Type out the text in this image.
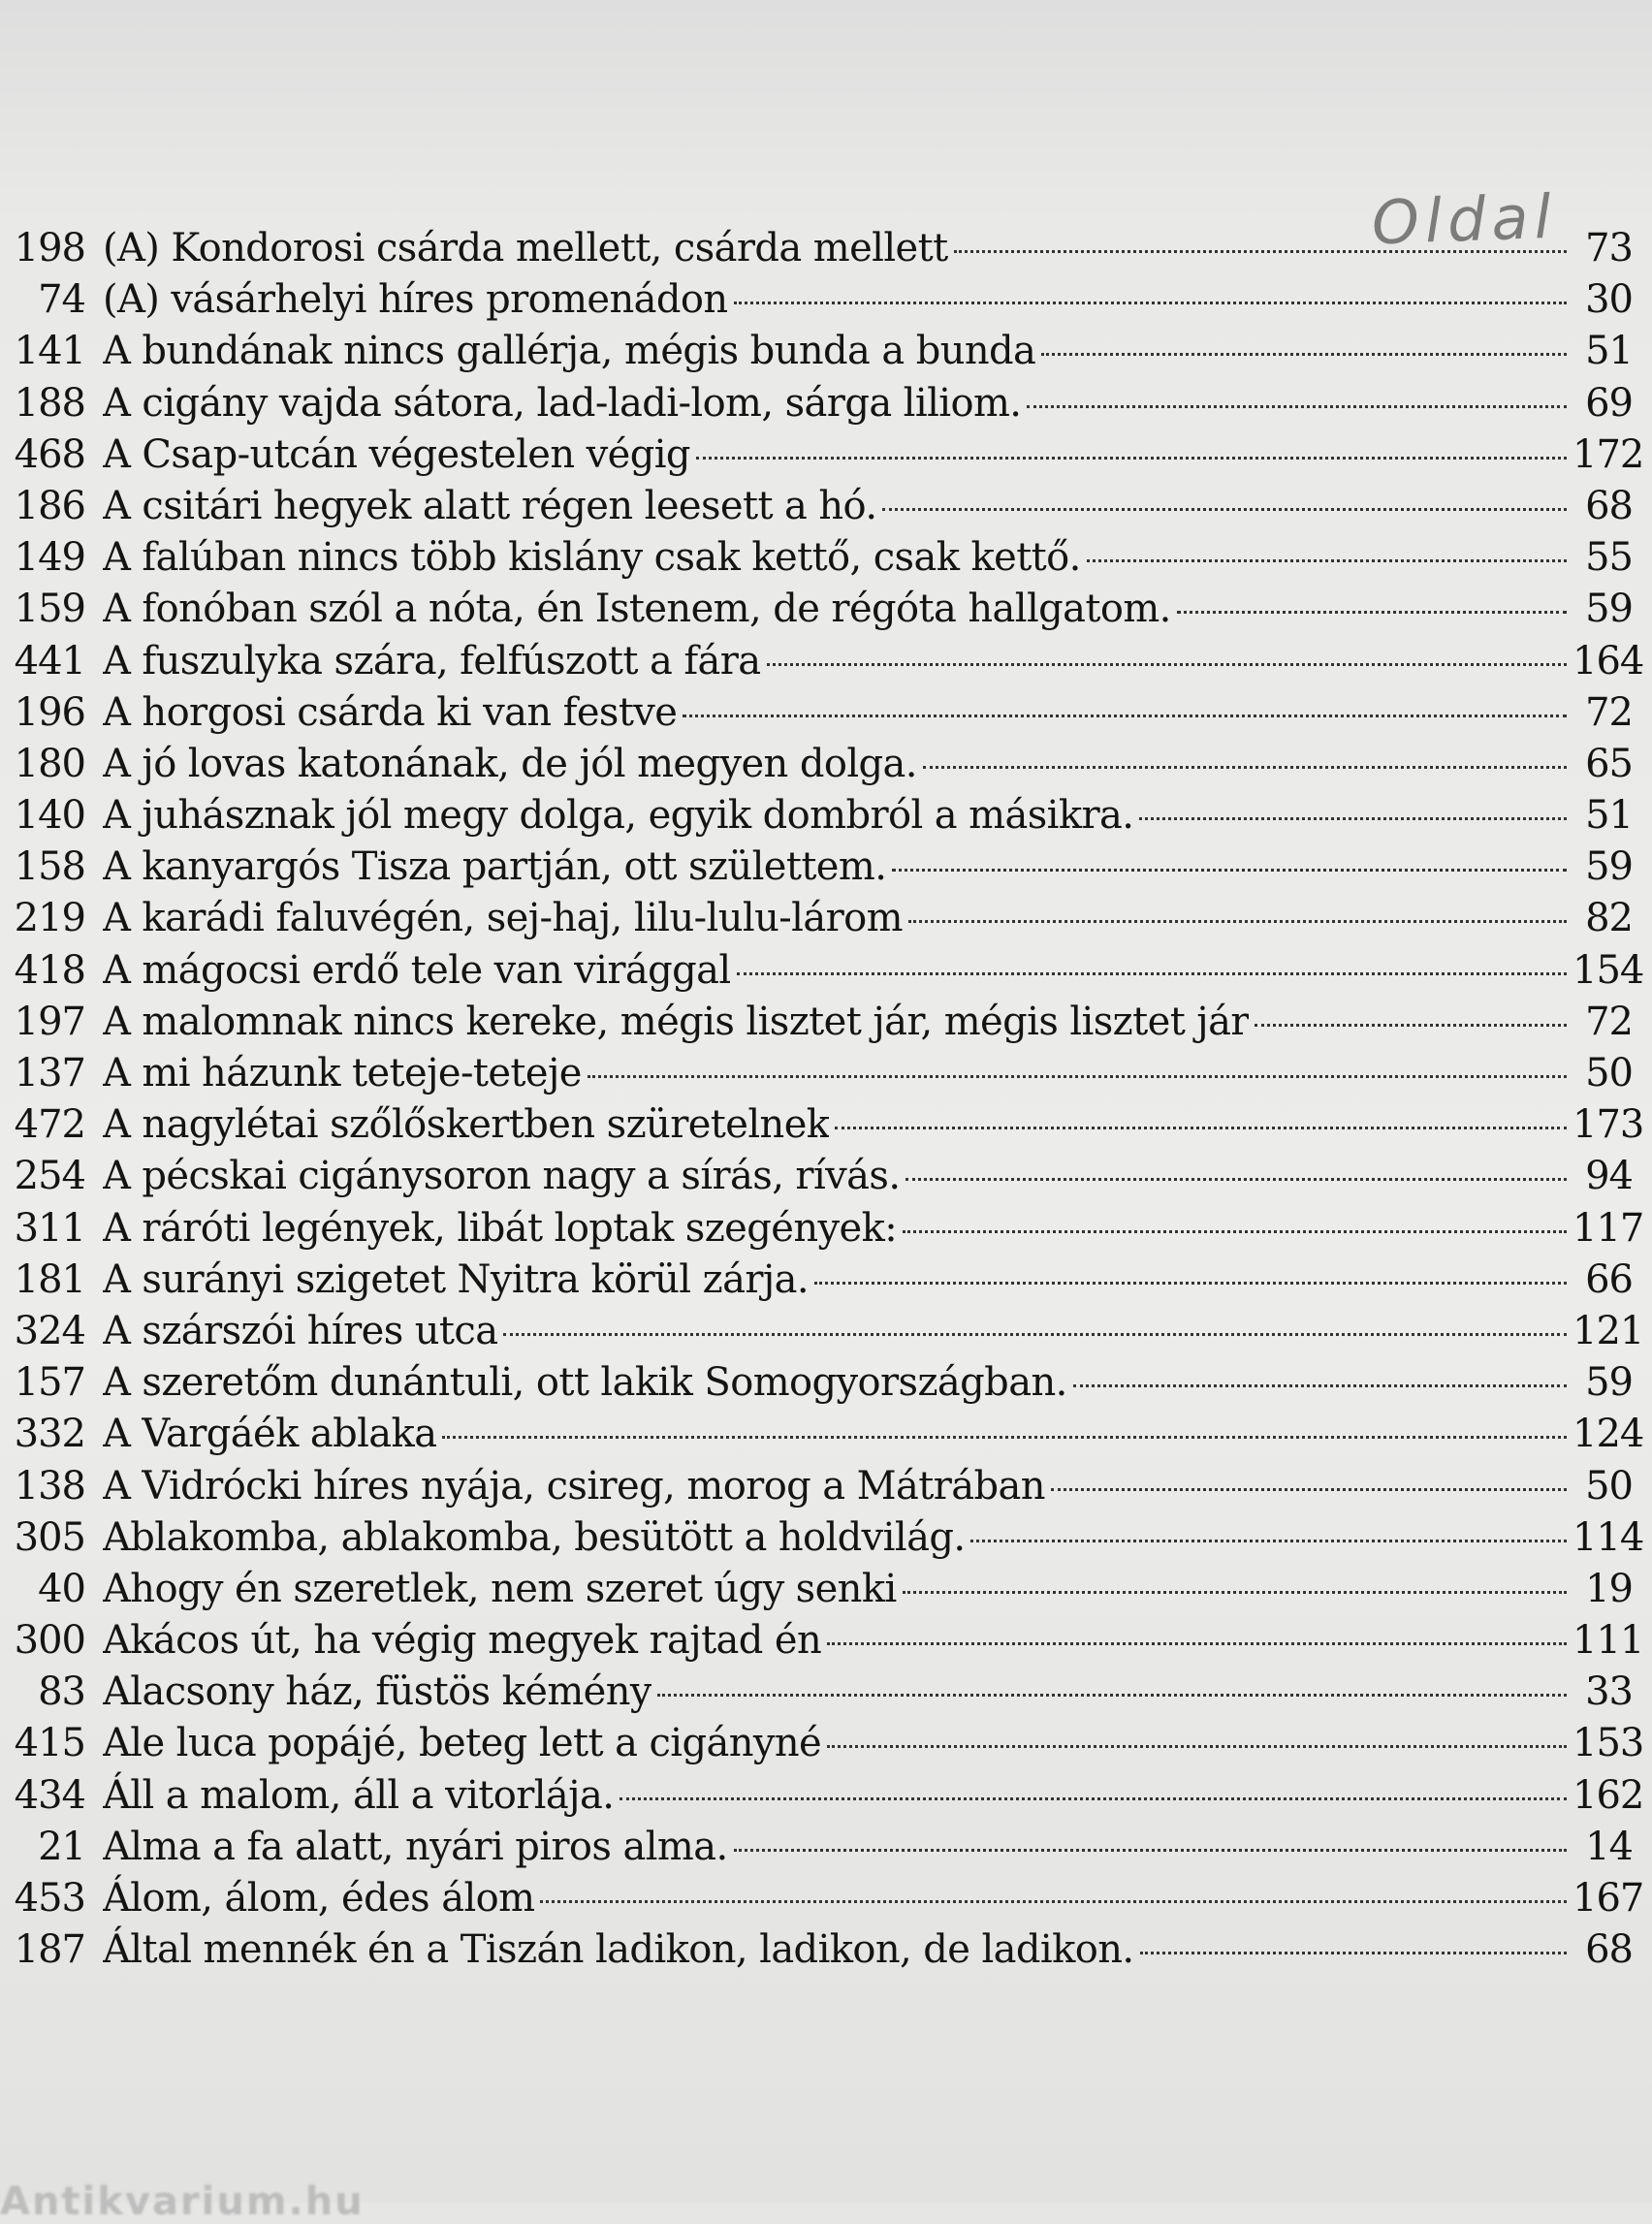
Oldal
198 (A) Kondorosi csárda mellett, csárda mellett	73
74 (A) vásárhelyi híres promenádon	30
141 A bundának nincs gallérja, mégis bunda a bunda	51
188 A cigány vajda sátora, lad-ladi-lom, sárga liliom.	69
468 A Csap-utcán végestelen végig	172
186 A csitári hegyek alatt régen leesett a hó.	68
149 A falúban nincs több kislány csak kettő, csak kettő.	55
159 A fonóban szól a nóta, én Istenem, de régóta hallgatom.	59
441 A fuszulyka szára, felfúszott a fára	164
196 A horgosi csárda ki van festve	72
180 A jó lovas katonának, de jól megyen dolga.	65
140 A juhásznak jól megy dolga, egyik dombról a másikra.	51
158 A kanyargós Tisza partján, ott születtem.	59
219 A karádi faluvégén, sej-haj, lilu-lulu-lárom	82
418 A mágocsi erdő tele van virággal	154
197 A malomnak nincs kereke, mégis lisztet jár, mégis lisztet jár	72
137 A mi házunk teteje-teteje	50
472 A nagylétai szőlőskertben szüretelnek	173
254 A pécskai cigánysoron nagy a sírás, rívás.	94
311 A ráróti legények, libát loptak szegények:	117
181 A surányi szigetet Nyitra körül zárja.	66
324 A szárszói híres utca	121
157 A szeretőm dunántuli, ott lakik Somogyországban.	59
332 A Vargáék ablaka	124
138 A Vidrócki híres nyája, csireg, morog a Mátrában	50
305 Ablakomba, ablakomba, besütött a holdvilág.	114
40 Ahogy én szeretlek, nem szeret úgy senki	19
300 Akácos út, ha végig megyek rajtad én	111
83 Alacsony ház, füstös kémény	33
415 Ale luca popájé, beteg lett a cigányné	153
434 Áll a malom, áll a vitorlája.	162
21 Alma a fa alatt, nyári piros alma.	14
453 Álom, álom, édes álom	167
187 Által mennék én a Tiszán ladikon, ladikon, de ladikon.	68
Antikvarium.hu
